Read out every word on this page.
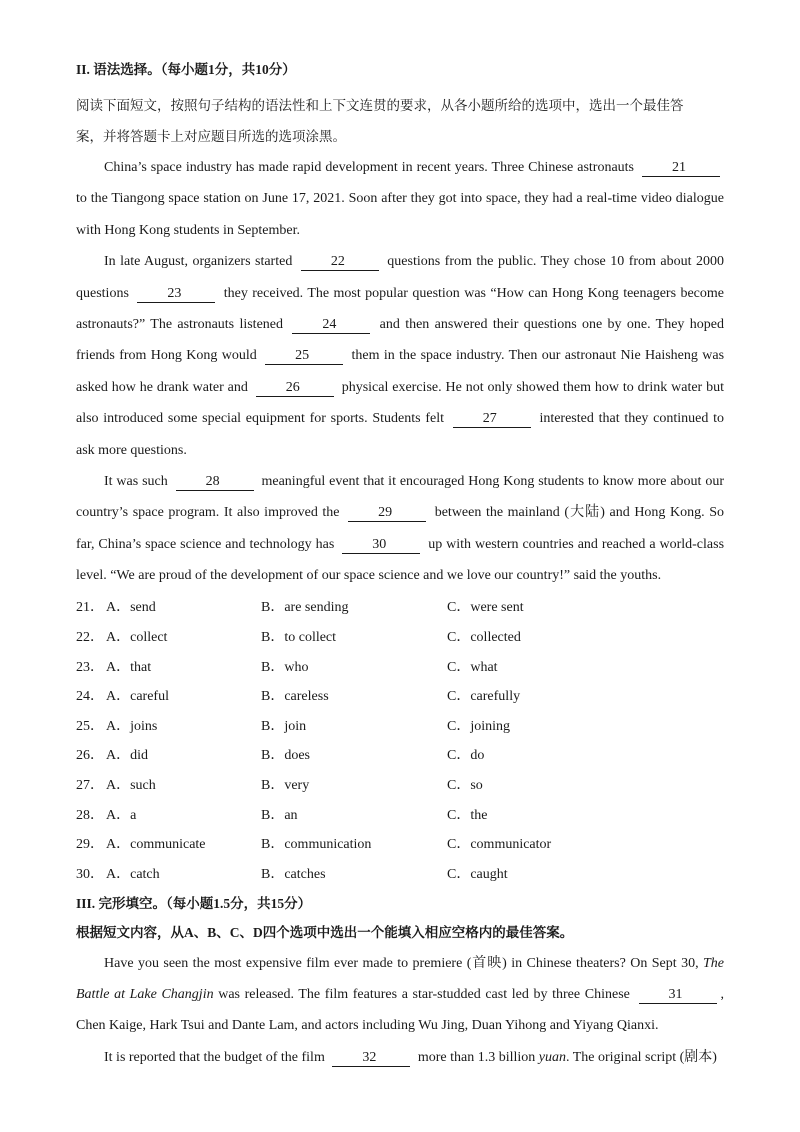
II. 语法选择。（每小题1分，共10分）

阅读下面短文，按照句子结构的语法性和上下文连贯的要求，从各小题所给的选项中，选出一个最佳答
案，并将答题卡上对应题目所选的选项涂黑。

China’s space industry has made rapid development in recent years. Three Chinese astronauts	21 to the Tiangong space station on June 17, 2021. Soon after they got into space, they had a real-time video dialogue with Hong Kong students in September.

In late August, organizers started	22	questions from the public. They chose 10 from about 2000 questions	23	they received. The most popular question was “How can Hong Kong teenagers become astronauts?” The astronauts listened	24	and then answered their questions one by one. They hoped friends from Hong Kong would	25	them in the space industry. Then our astronaut Nie Haisheng was asked how he drank water and	26	physical exercise. He not only showed them how to drink water but also introduced some special equipment for sports. Students felt	27	interested that they continued to ask more questions.

It was such	28	meaningful event that it encouraged Hong Kong students to know more about our country’s space program. It also improved the	29	between the mainland (大陆) and Hong Kong. So far, China’s space science and technology has	30	up with western countries and reached a world-class level. “We are proud of the development of our space science and we love our country!” said the youths.

21． A．send	B．are sending	C．were sent
22． A．collect	B．to collect	C．collected
23． A．that	B．who	C．what
24． A．careful	B．careless	C．carefully
25． A．joins	B．join	C．joining
26． A．did	B．does	C．do
27． A．such	B．very	C．so
28． A．a	B．an	C．the
29． A．communicate	B．communication	C．communicator
30． A．catch	B．catches	C．caught

III. 完形填空。（每小题1.5分，共15分）

根据短文内容，从A、B、C、D四个选项中选出一个能填入相应空格内的最佳答案。

Have you seen the most expensive film ever made to premiere (首映) in Chinese theaters? On Sept 30, The Battle at Lake Changjin was released. The film features a star-studded cast led by three Chinese	31	, Chen Kaige, Hark Tsui and Dante Lam, and actors including Wu Jing, Duan Yihong and Yiyang Qianxi.

It is reported that the budget of the film	32	more than 1.3 billion yuan. The original script (剧本)
